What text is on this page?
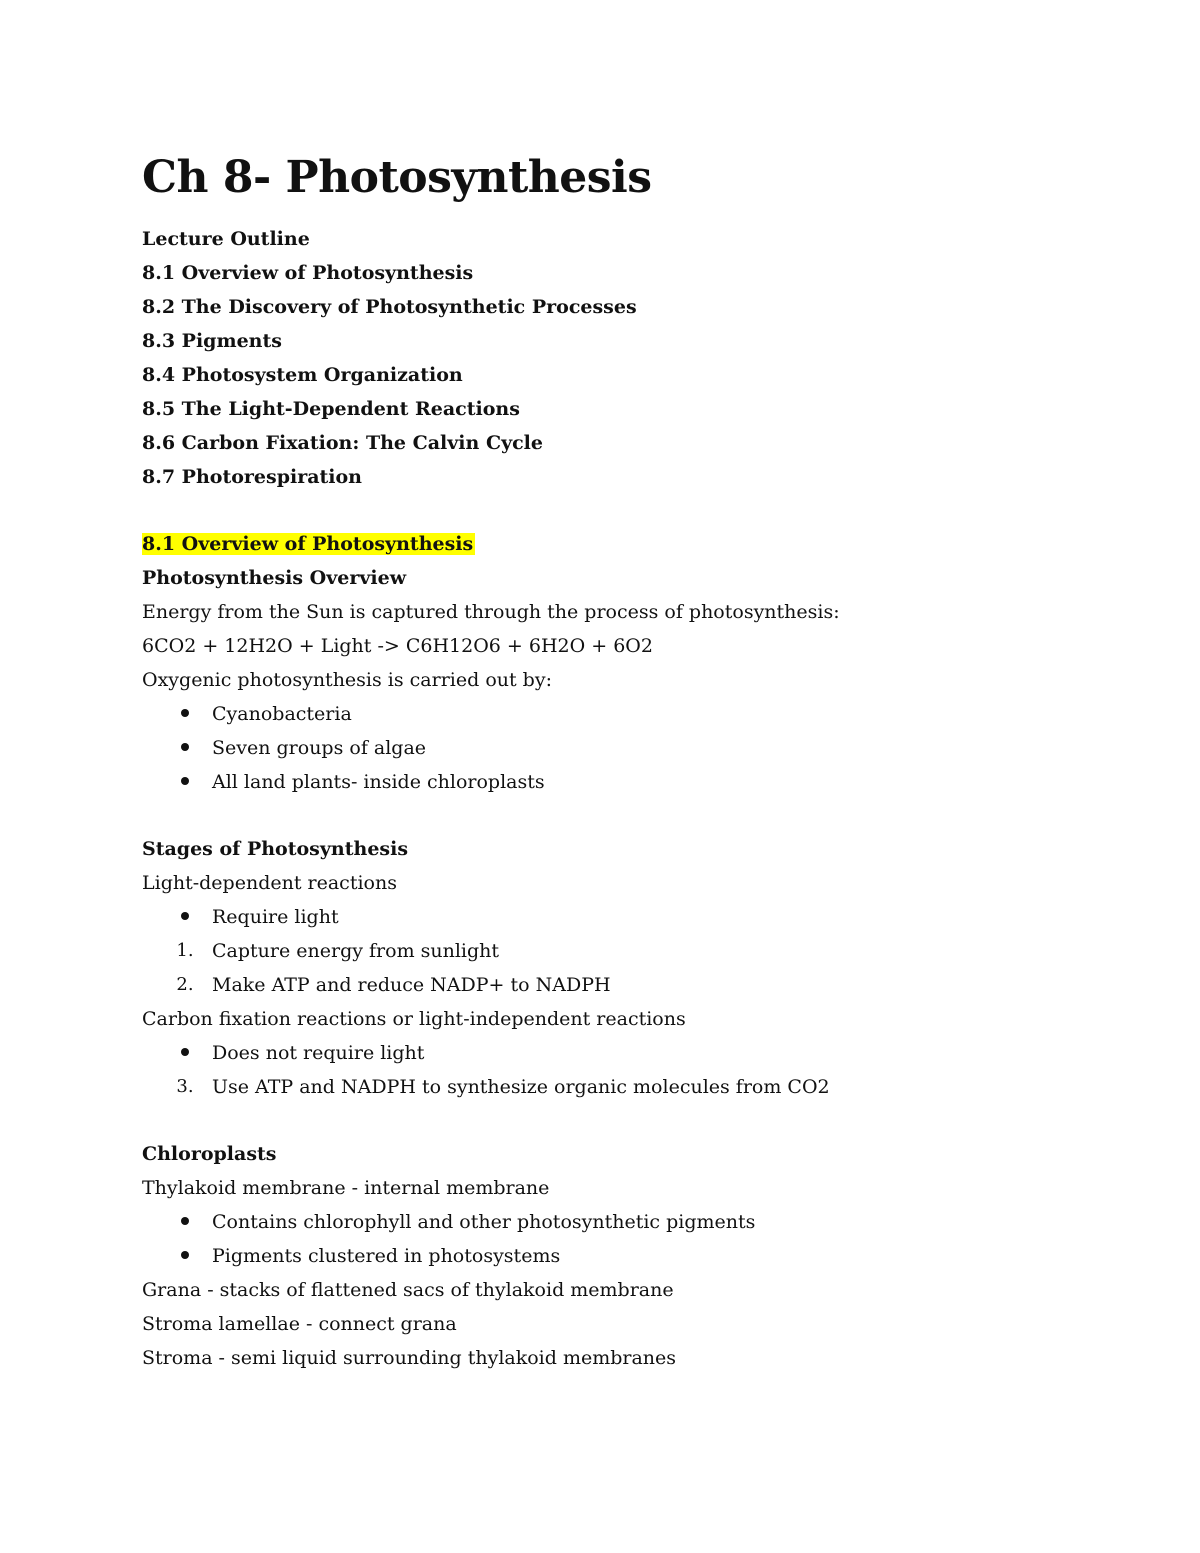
Ch 8- Photosynthesis
Lecture Outline
8.1 Overview of Photosynthesis
8.2 The Discovery of Photosynthetic Processes
8.3 Pigments
8.4 Photosystem Organization
8.5 The Light-Dependent Reactions
8.6 Carbon Fixation: The Calvin Cycle
8.7 Photorespiration
8.1 Overview of Photosynthesis
Photosynthesis Overview
Energy from the Sun is captured through the process of photosynthesis:
6CO2 + 12H2O + Light -> C6H12O6 + 6H2O + 6O2
Oxygenic photosynthesis is carried out by:
Cyanobacteria
Seven groups of algae
All land plants- inside chloroplasts
Stages of Photosynthesis
Light-dependent reactions
Require light
1. Capture energy from sunlight
2. Make ATP and reduce NADP+ to NADPH
Carbon fixation reactions or light-independent reactions
Does not require light
3. Use ATP and NADPH to synthesize organic molecules from CO2
Chloroplasts
Thylakoid membrane - internal membrane
Contains chlorophyll and other photosynthetic pigments
Pigments clustered in photosystems
Grana - stacks of flattened sacs of thylakoid membrane
Stroma lamellae - connect grana
Stroma - semi liquid surrounding thylakoid membranes
